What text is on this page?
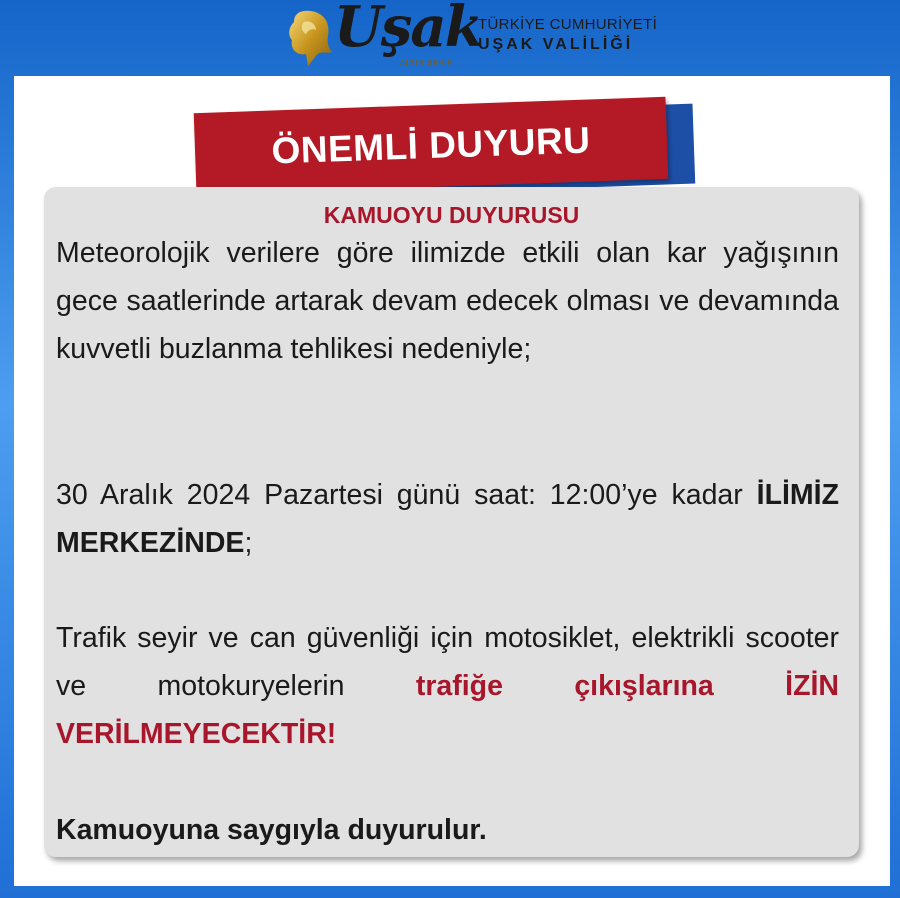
Uşak
ALTIN ŞEHİR
TÜRKİYE CUMHURİYETİ
UŞAK VALİLİĞİ
ÖNEMLİ DUYURU
KAMUOYU DUYURUSU
Meteorolojik verilere göre ilimizde etkili olan kar yağışının gece saatlerinde artarak devam edecek olması ve devamında kuvvetli buzlanma tehlikesi nedeniyle;
30 Aralık 2024 Pazartesi günü saat: 12:00’ye kadar İLİMİZ MERKEZİNDE;
Trafik seyir ve can güvenliği için motosiklet, elektrikli scooter ve motokuryelerin trafiğe çıkışlarına İZİN VERİLMEYECEKTİR!
Kamuoyuna saygıyla duyurulur.
